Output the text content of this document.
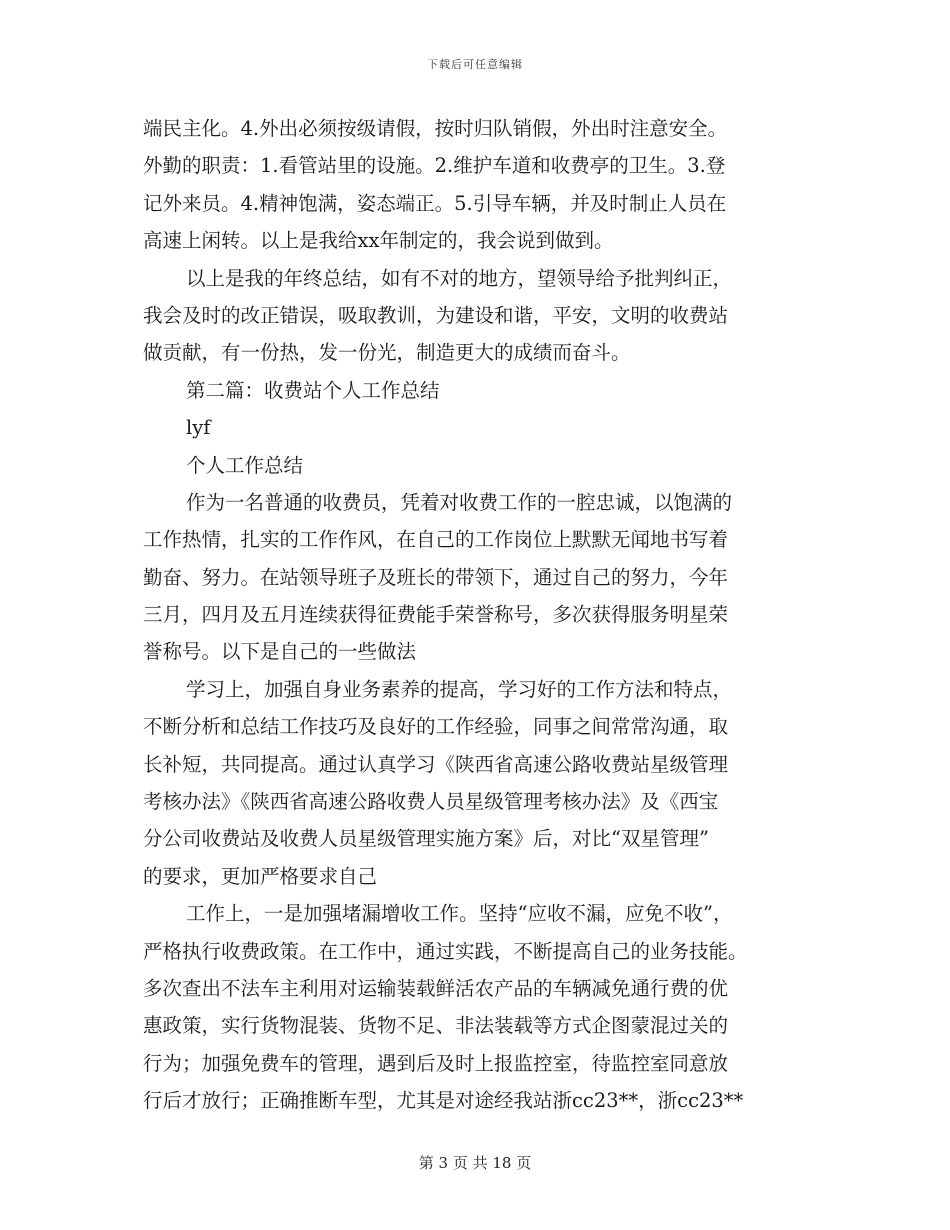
下载后可任意编辑
端民主化。4.外出必须按级请假，按时归队销假，外出时注意安全。
外勤的职责：1.看管站里的设施。2.维护车道和收费亭的卫生。3.登
记外来员。4.精神饱满，姿态端正。5.引导车辆，并及时制止人员在
高速上闲转。以上是我给xx年制定的，我会说到做到。
以上是我的年终总结，如有不对的地方，望领导给予批判纠正，
我会及时的改正错误，吸取教训，为建设和谐，平安，文明的收费站
做贡献，有一份热，发一份光，制造更大的成绩而奋斗。
第二篇：收费站个人工作总结
lyf
个人工作总结
作为一名普通的收费员，凭着对收费工作的一腔忠诚，以饱满的
工作热情，扎实的工作作风，在自己的工作岗位上默默无闻地书写着
勤奋、努力。在站领导班子及班长的带领下，通过自己的努力，今年
三月，四月及五月连续获得征费能手荣誉称号，多次获得服务明星荣
誉称号。以下是自己的一些做法
学习上，加强自身业务素养的提高，学习好的工作方法和特点，
不断分析和总结工作技巧及良好的工作经验，同事之间常常沟通，取
长补短，共同提高。通过认真学习《陕西省高速公路收费站星级管理
考核办法》《陕西省高速公路收费人员星级管理考核办法》及《西宝
分公司收费站及收费人员星级管理实施方案》后，对比“双星管理”
的要求，更加严格要求自己
工作上，一是加强堵漏增收工作。坚持“应收不漏，应免不收”，
严格执行收费政策。在工作中，通过实践，不断提高自己的业务技能。
多次查出不法车主利用对运输装载鲜活农产品的车辆减免通行费的优
惠政策，实行货物混装、货物不足、非法装载等方式企图蒙混过关的
行为；加强免费车的管理，遇到后及时上报监控室，待监控室同意放
行后才放行；正确推断车型，尤其是对途经我站浙cc23**，浙cc23**
第 3 页 共 18 页
